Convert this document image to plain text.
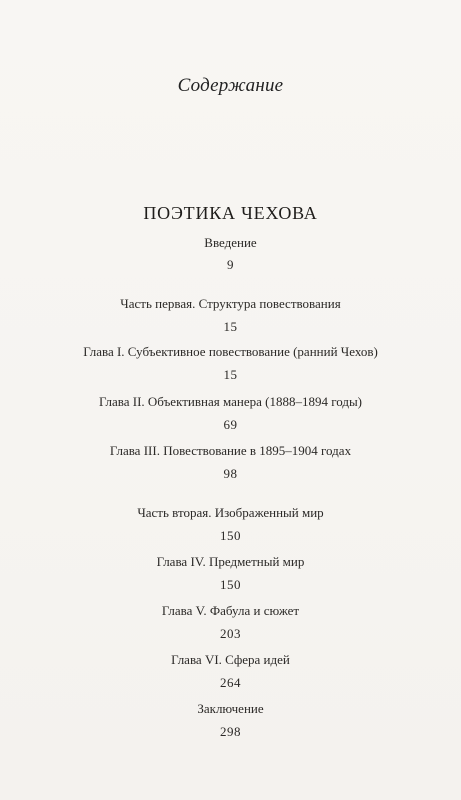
Содержание
ПОЭТИКА ЧЕХОВА
Введение
9
Часть первая. Структура повествования
15
Глава I. Субъективное повествование (ранний Чехов)
15
Глава II. Объективная манера (1888–1894 годы)
69
Глава III. Повествование в 1895–1904 годах
98
Часть вторая. Изображенный мир
150
Глава IV. Предметный мир
150
Глава V. Фабула и сюжет
203
Глава VI. Сфера идей
264
Заключение
298
